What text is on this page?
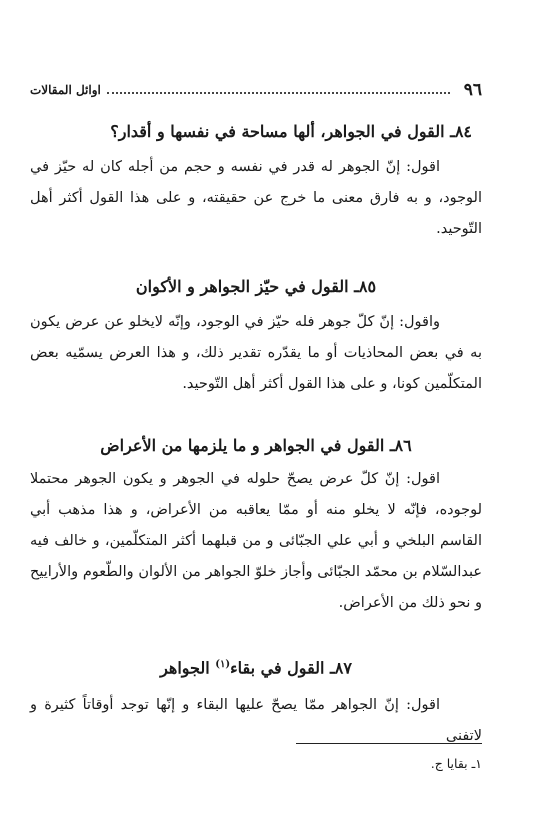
٩٦
اوائل المقالات
٨٤ـ القول في الجواهر، ألها مساحة في نفسها و أقدار؟

اقول: إنّ الجوهر له قدر في نفسه و حجم من أجله كان له حيّز في الوجود، و به فارق معنى ما خرج عن حقيقته، و على هذا القول أكثر أهل التّوحيد.

٨٥ـ القول في حيّز الجواهر و الأكوان

واقول: إنّ كلّ جوهر فله حيّز في الوجود، وإنّه لايخلو عن عرض يكون به في بعض المحاذيات أو ما يقدّره تقدير ذلك، و هذا العرض يسمّيه بعض المتكلّمين كونا، و على هذا القول أكثر أهل التّوحيد.

٨٦ـ القول في الجواهر و ما يلزمها من الأعراض

اقول: إنّ كلّ عرض يصحّ حلوله في الجوهر و يكون الجوهر محتملا لوجوده، فإنّه لا يخلو منه أو ممّا يعاقبه من الأعراض، و هذا مذهب أبي القاسم البلخي و أبي علي الجبّائى و من قبلهما أكثر المتكلّمين، و خالف فيه عبدالسّلام بن محمّد الجبّائى وأجاز خلوّ الجواهر من الألوان والطّعوم والأراييح و نحو ذلك من الأعراض.

٨٧ـ القول في بقاء$^{(١)}$ الجواهر

اقول: إنّ الجواهر ممّا يصحّ عليها البقاء و إنّها توجد أوقاتاً كثيرة و لاتفنى

١ـ بقايا ج.
